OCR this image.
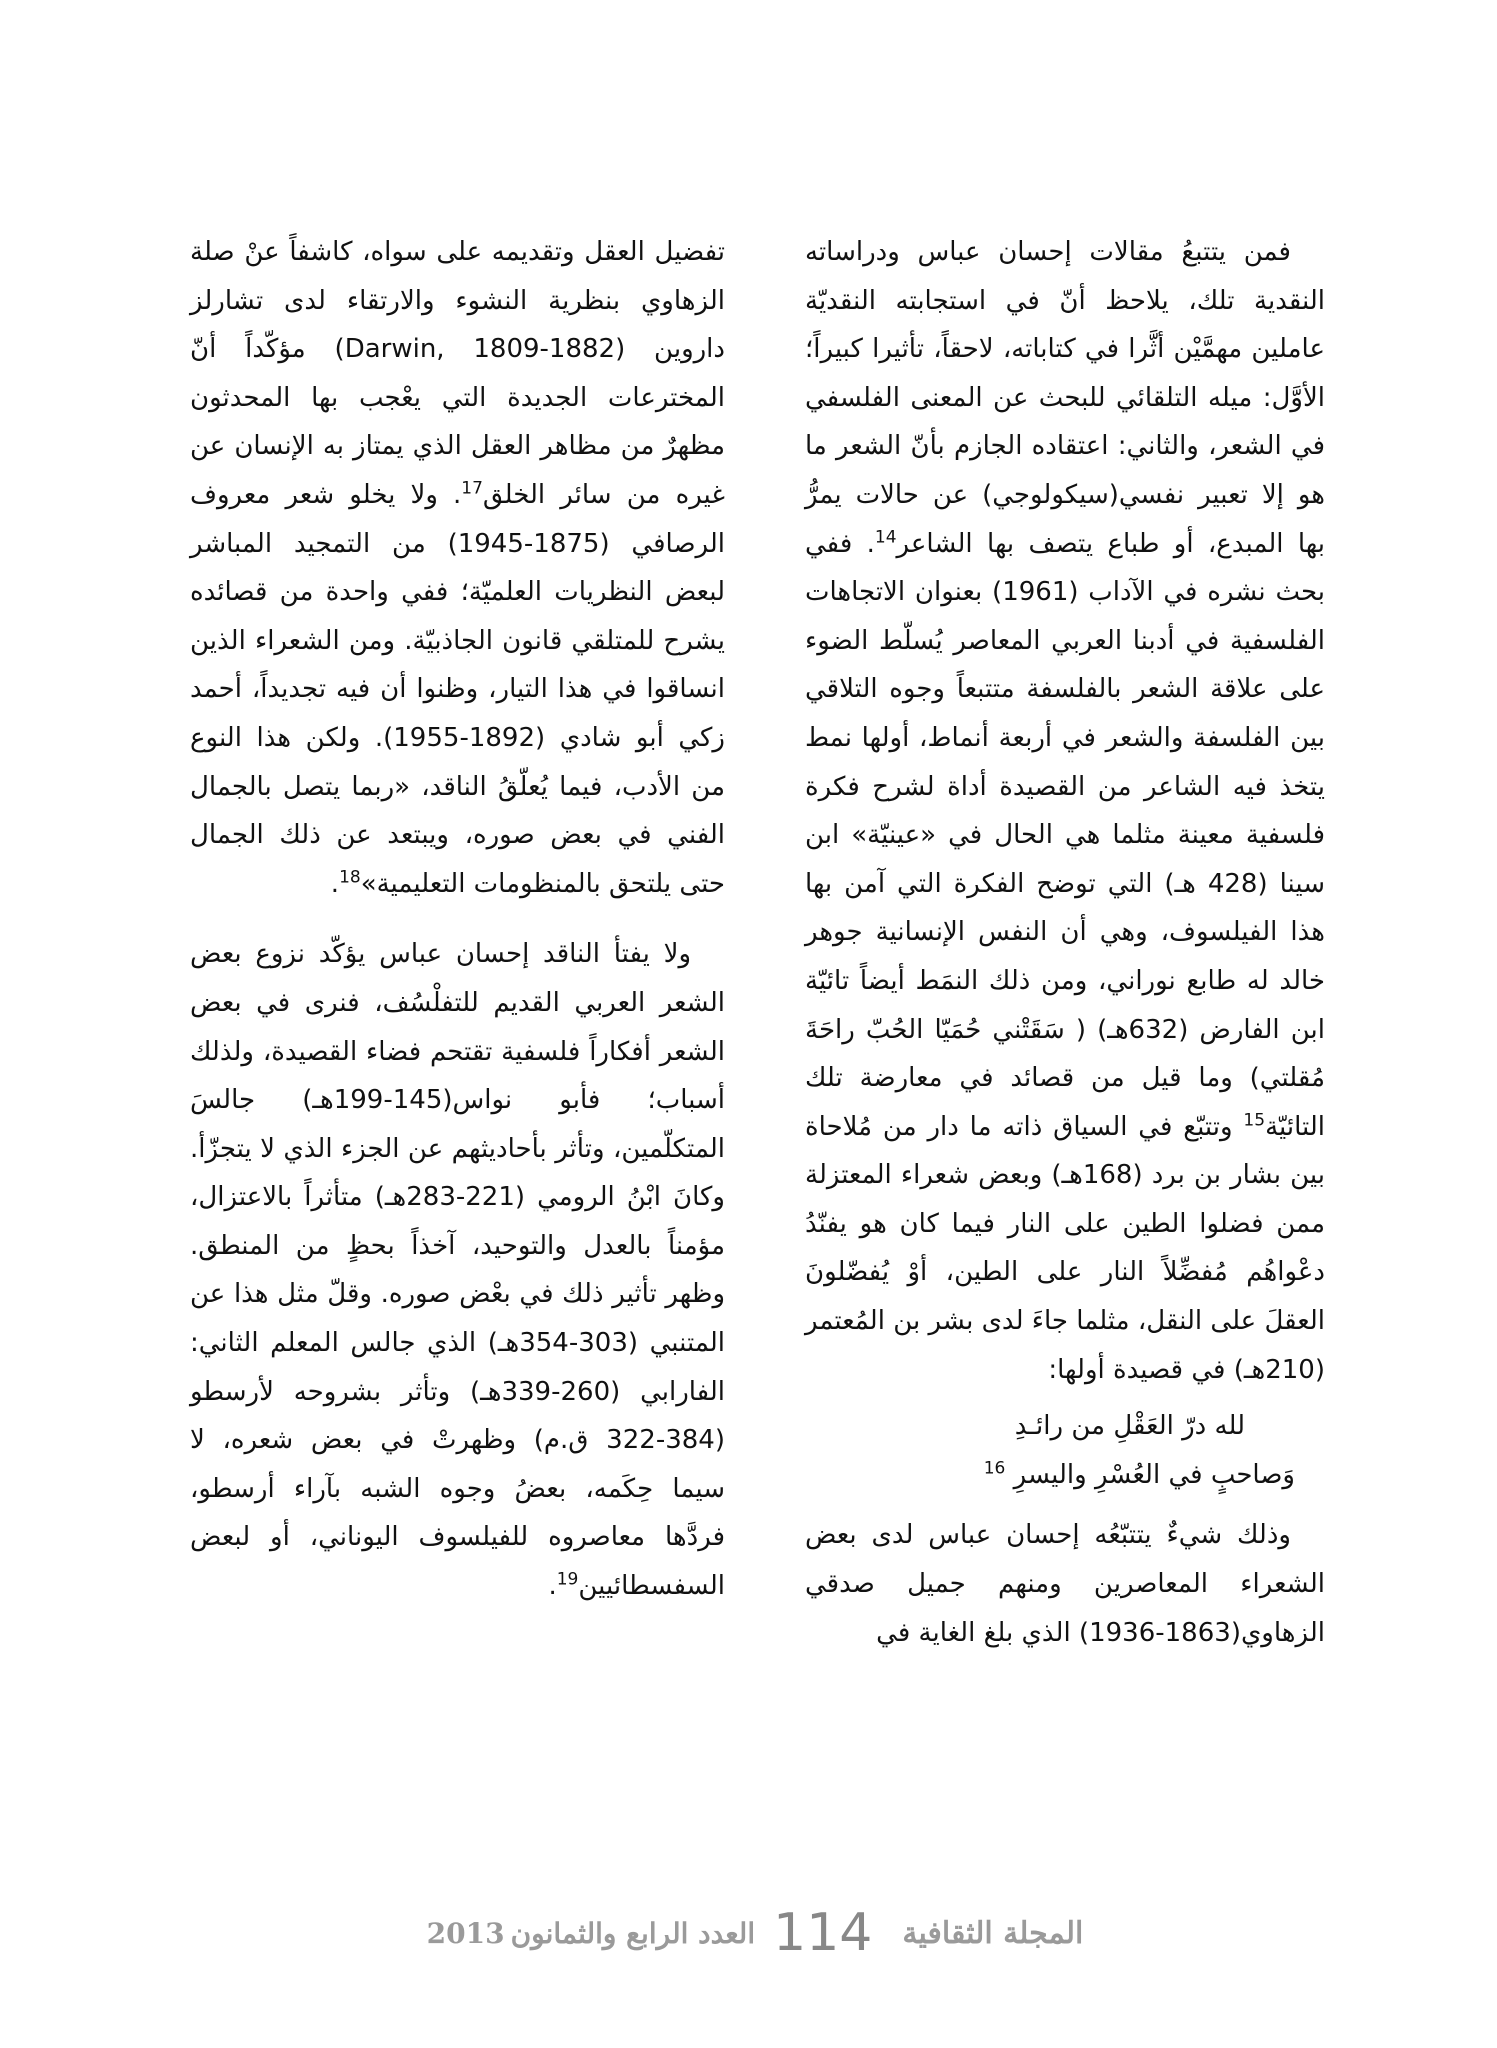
فمن يتتبعُ مقالات إحسان عباس ودراساته النقدية تلك، يلاحظ أنّ في استجابته النقديّة عاملين مهمَّيْن أثَّرا في كتاباته، لاحقاً، تأثيرا كبيراً؛ الأوَّل: ميله التلقائي للبحث عن المعنى الفلسفي في الشعر، والثاني: اعتقاده الجازم بأنّ الشعر ما هو إلا تعبير نفسي(سيكولوجي) عن حالات يمرُّ بها المبدع، أو طباع يتصف بها الشاعر$^{14}$. ففي بحث نشره في الآداب (1961) بعنوان الاتجاهات الفلسفية في أدبنا العربي المعاصر يُسلّط الضوء على علاقة الشعر بالفلسفة متتبعاً وجوه التلاقي بين الفلسفة والشعر في أربعة أنماط، أولها نمط يتخذ فيه الشاعر من القصيدة أداة لشرح فكرة فلسفية معينة مثلما هي الحال في «عينيّة» ابن سينا (428 هـ) التي توضح الفكرة التي آمن بها هذا الفيلسوف، وهي أن النفس الإنسانية جوهر خالد له طابع نوراني، ومن ذلك النمَط أيضاً تائيّة ابن الفارض (632هـ) ( سَقَتْني حُمَيّا الحُبّ راحَةَ مُقلتي) وما قيل من قصائد في معارضة تلك التائيّة$^{15}$ وتتبّع في السياق ذاته ما دار من مُلاحاة بين بشار بن برد (168هـ) وبعض شعراء المعتزلة ممن فضلوا الطين على النار فيما كان هو يفنّدُ دعْواهُم مُفضِّلاً النار على الطين، أوْ يُفضّلونَ العقلَ على النقل، مثلما جاءَ لدى بشر بن المُعتمر (210هـ) في قصيدة أولها:

لله درّ العَقْلِ من رائـدِ
وَصاحبٍ في العُسْرِ واليسرِ $^{16}$

وذلك شيءٌ يتتبّعُه إحسان عباس لدى بعض الشعراء المعاصرين ومنهم جميل صدقي الزهاوي(1863-1936) الذي بلغ الغاية في

تفضيل العقل وتقديمه على سواه، كاشفاً عنْ صلة الزهاوي بنظرية النشوء والارتقاء لدى تشارلز داروين (Darwin, 1809-1882) مؤكّداً أنّ المخترعات الجديدة التي يعْجب بها المحدثون مظهرٌ من مظاهر العقل الذي يمتاز به الإنسان عن غيره من سائر الخلق$^{17}$. ولا يخلو شعر معروف الرصافي (1875-1945) من التمجيد المباشر لبعض النظريات العلميّة؛ ففي واحدة من قصائده يشرح للمتلقي قانون الجاذبيّة. ومن الشعراء الذين انساقوا في هذا التيار، وظنوا أن فيه تجديداً، أحمد زكي أبو شادي (1892-1955). ولكن هذا النوع من الأدب، فيما يُعلّقُ الناقد، «ربما يتصل بالجمال الفني في بعض صوره، ويبتعد عن ذلك الجمال حتى يلتحق بالمنظومات التعليمية»$^{18}$.

ولا يفتأ الناقد إحسان عباس يؤكّد نزوع بعض الشعر العربي القديم للتفلْسُف، فنرى في بعض الشعر أفكاراً فلسفية تقتحم فضاء القصيدة، ولذلك أسباب؛ فأبو نواس(145-199هـ) جالسَ المتكلّمين، وتأثر بأحاديثهم عن الجزء الذي لا يتجزّأ. وكانَ ابْنُ الرومي (221-283هـ) متأثراً بالاعتزال، مؤمناً بالعدل والتوحيد، آخذاً بحظٍ من المنطق. وظهر تأثير ذلك في بعْض صوره. وقلّ مثل هذا عن المتنبي (303-354هـ) الذي جالس المعلم الثاني: الفارابي (260-339هـ) وتأثر بشروحه لأرسطو (384-322 ق.م) وظهرتْ في بعض شعره، لا سيما حِكَمه، بعضُ وجوه الشبه بآراء أرسطو، فردَّها معاصروه للفيلسوف اليوناني، أو لبعض السفسطائيين$^{19}$.

المجلة الثقافية
114
العدد الرابع والثمانون
2013
